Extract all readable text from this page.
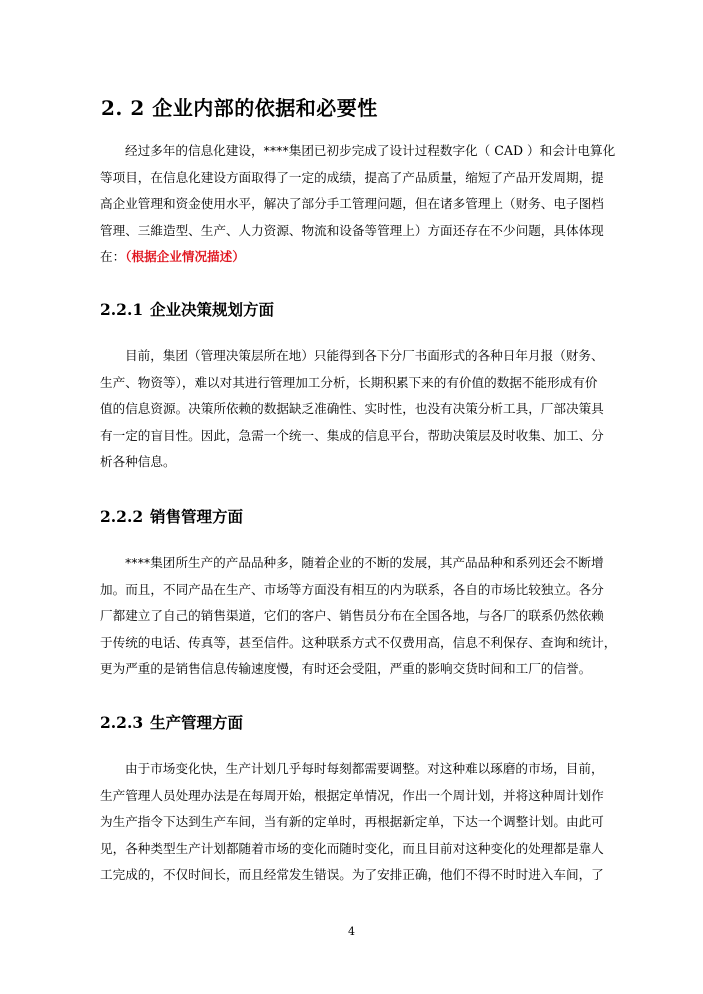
2. 2 企业内部的依据和必要性
经过多年的信息化建设，****集团已初步完成了设计过程数字化（ CAD ）和会计电算化
等项目，在信息化建设方面取得了一定的成绩，提高了产品质量，缩短了产品开发周期，提
高企业管理和资金使用水平，解决了部分手工管理问题，但在诸多管理上（财务、电子图档
管理、三維造型、生产、人力资源、物流和设备等管理上）方面还存在不少问题，具体体现
在：（根据企业情况描述）
2.2.1 企业决策规划方面
目前，集团（管理决策层所在地）只能得到各下分厂书面形式的各种日年月报（财务、
生产、物资等），难以对其进行管理加工分析，长期积累下来的有价值的数据不能形成有价
值的信息资源。决策所依赖的数据缺乏准确性、实时性，也没有决策分析工具，厂部决策具
有一定的盲目性。因此，急需一个统一、集成的信息平台，帮助决策层及时收集、加工、分
析各种信息。
2.2.2 销售管理方面
****集团所生产的产品品种多，随着企业的不断的发展，其产品品种和系列还会不断增
加。而且，不同产品在生产、市场等方面没有相互的内为联系，各自的市场比较独立。各分
厂都建立了自己的销售渠道，它们的客户、销售员分布在全国各地，与各厂的联系仍然依赖
于传统的电话、传真等，甚至信件。这种联系方式不仅费用高，信息不利保存、查询和统计，
更为严重的是销售信息传输速度慢，有时还会受阻，严重的影响交货时间和工厂的信誉。
2.2.3 生产管理方面
由于市场变化快，生产计划几乎每时每刻都需要调整。对这种难以琢磨的市场，目前，
生产管理人员处理办法是在每周开始，根据定单情况，作出一个周计划，并将这种周计划作
为生产指令下达到生产车间，当有新的定单时，再根据新定单，下达一个调整计划。由此可
见，各种类型生产计划都随着市场的变化而随时变化，而且目前对这种变化的处理都是靠人
工完成的，不仅时间长，而且经常发生错误。为了安排正确，他们不得不时时进入车间，了
4
